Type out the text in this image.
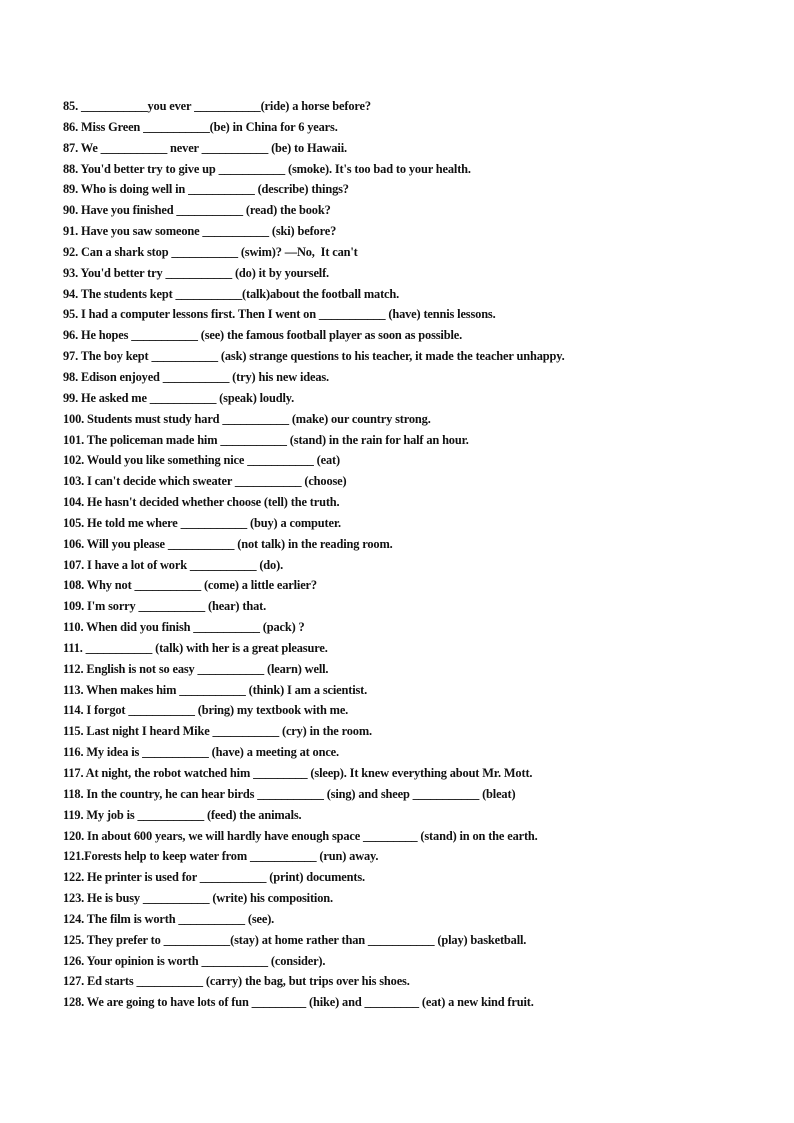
85. ___________you ever ___________(ride) a horse before?
86. Miss Green ___________(be) in China for 6 years.
87. We ___________ never ___________ (be) to Hawaii.
88. You'd better try to give up ___________ (smoke). It's too bad to your health.
89. Who is doing well in ___________ (describe) things?
90. Have you finished ___________ (read) the book?
91. Have you saw someone ___________ (ski) before?
92. Can a shark stop ___________ (swim)? —No,  It can't
93. You'd better try ___________ (do) it by yourself.
94. The students kept ___________(talk)about the football match.
95. I had a computer lessons first. Then I went on ___________ (have) tennis lessons.
96. He hopes ___________ (see) the famous football player as soon as possible.
97. The boy kept ___________ (ask) strange questions to his teacher, it made the teacher unhappy.
98. Edison enjoyed ___________ (try) his new ideas.
99. He asked me ___________ (speak) loudly.
100. Students must study hard ___________ (make) our country strong.
101. The policeman made him ___________ (stand) in the rain for half an hour.
102. Would you like something nice ___________ (eat)
103. I can't decide which sweater ___________ (choose)
104. He hasn't decided whether choose (tell) the truth.
105. He told me where ___________ (buy) a computer.
106. Will you please ___________ (not talk) in the reading room.
107. I have a lot of work ___________ (do).
108. Why not ___________ (come) a little earlier?
109. I'm sorry ___________ (hear) that.
110. When did you finish ___________ (pack) ?
111. ___________ (talk) with her is a great pleasure.
112. English is not so easy ___________ (learn) well.
113. When makes him ___________ (think) I am a scientist.
114. I forgot ___________ (bring) my textbook with me.
115. Last night I heard Mike ___________ (cry) in the room.
116. My idea is ___________ (have) a meeting at once.
117. At night, the robot watched him _________ (sleep). It knew everything about Mr. Mott.
118. In the country, he can hear birds ___________ (sing) and sheep ___________ (bleat)
119. My job is ___________ (feed) the animals.
120. In about 600 years, we will hardly have enough space _________ (stand) in on the earth.
121.Forests help to keep water from ___________ (run) away.
122. He printer is used for ___________ (print) documents.
123. He is busy ___________ (write) his composition.
124. The film is worth ___________ (see).
125. They prefer to ___________(stay) at home rather than ___________ (play) basketball.
126. Your opinion is worth ___________ (consider).
127. Ed starts ___________ (carry) the bag, but trips over his shoes.
128. We are going to have lots of fun _________ (hike) and _________ (eat) a new kind fruit.
